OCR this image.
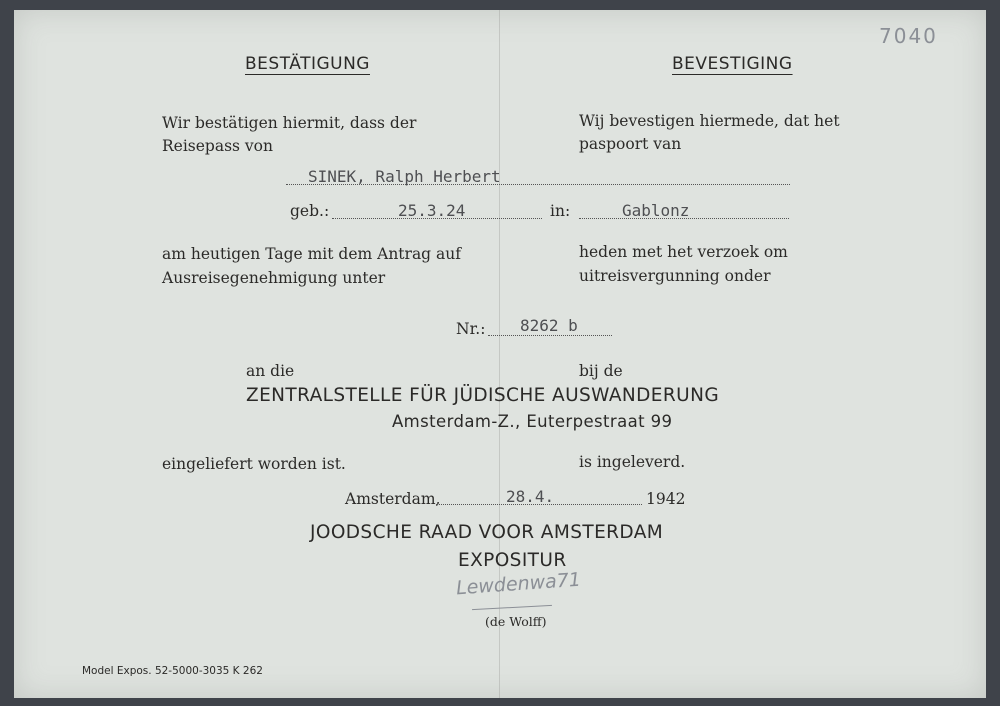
7040
BESTÄTIGUNG	BEVESTIGING
Wir bestätigen hiermit, dass der
Reisepass von
Wij bevestigen hiermede, dat het
paspoort van
SINEK, Ralph Herbert
geb.:	25.3.24	in:	Gablonz
am heutigen Tage mit dem Antrag auf
Ausreisegenehmigung unter
heden met het verzoek om
uitreisvergunning onder
Nr.: 8262 b
an die	bij de
ZENTRALSTELLE FÜR JÜDISCHE AUSWANDERUNG
Amsterdam-Z., Euterpestraat 99
eingeliefert worden ist.	is ingeleverd.
Amsterdam,	28.4.	1942
JOODSCHE RAAD VOOR AMSTERDAM
EXPOSITUR
Lewdenwa71
(de Wolff)
Model Expos. 52-5000-3035 K 262
